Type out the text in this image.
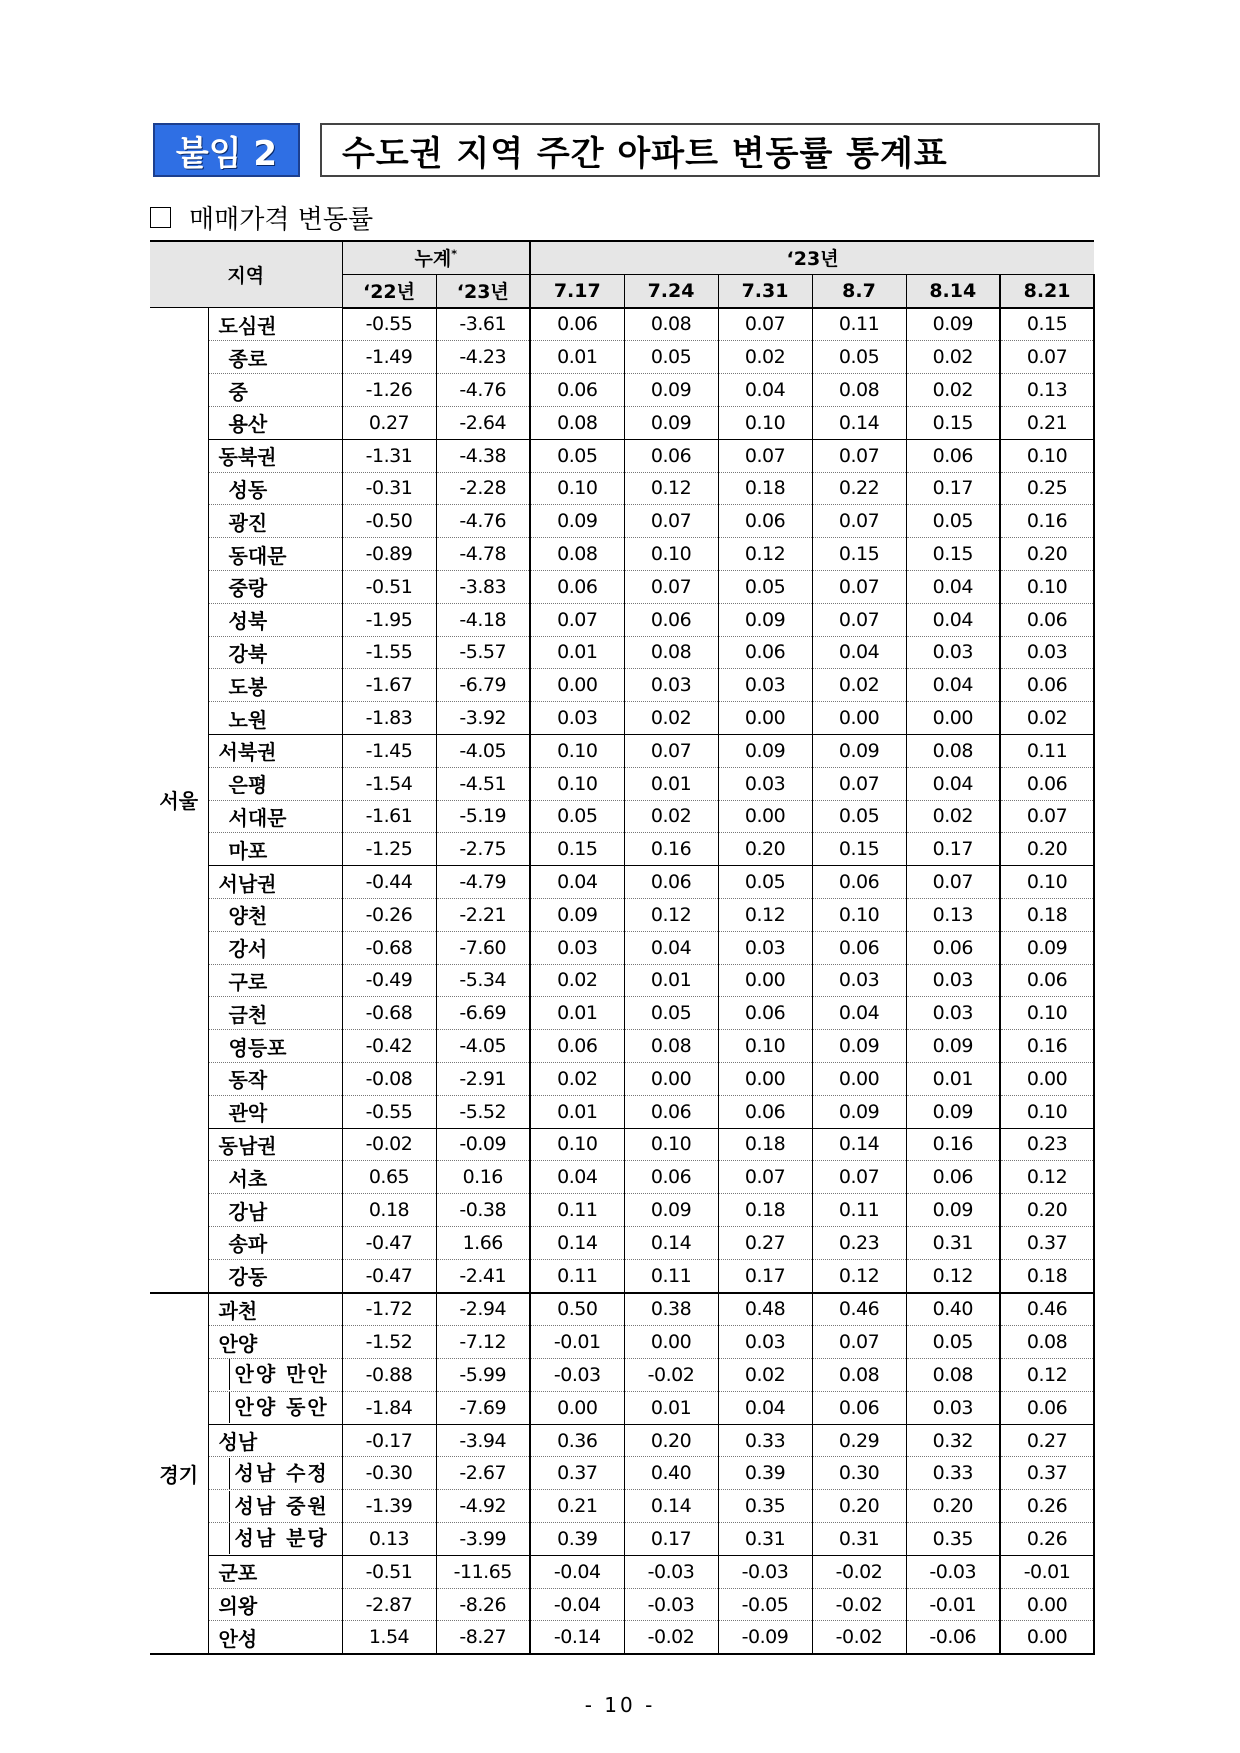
붙임 2	수도권 지역 주간 아파트 변동률 통계표
매매가격 변동률
지역		누계*		‘23년					
		‘22년	‘23년	7.17	7.24	7.31	8.7	8.14	8.21
서울	도심권	-0.55	-3.61	0.06	0.08	0.07	0.11	0.09	0.15
	종로	-1.49	-4.23	0.01	0.05	0.02	0.05	0.02	0.07
	중	-1.26	-4.76	0.06	0.09	0.04	0.08	0.02	0.13
	용산	0.27	-2.64	0.08	0.09	0.10	0.14	0.15	0.21
	동북권	-1.31	-4.38	0.05	0.06	0.07	0.07	0.06	0.10
	성동	-0.31	-2.28	0.10	0.12	0.18	0.22	0.17	0.25
	광진	-0.50	-4.76	0.09	0.07	0.06	0.07	0.05	0.16
	동대문	-0.89	-4.78	0.08	0.10	0.12	0.15	0.15	0.20
	중랑	-0.51	-3.83	0.06	0.07	0.05	0.07	0.04	0.10
	성북	-1.95	-4.18	0.07	0.06	0.09	0.07	0.04	0.06
	강북	-1.55	-5.57	0.01	0.08	0.06	0.04	0.03	0.03
	도봉	-1.67	-6.79	0.00	0.03	0.03	0.02	0.04	0.06
	노원	-1.83	-3.92	0.03	0.02	0.00	0.00	0.00	0.02
	서북권	-1.45	-4.05	0.10	0.07	0.09	0.09	0.08	0.11
	은평	-1.54	-4.51	0.10	0.01	0.03	0.07	0.04	0.06
	서대문	-1.61	-5.19	0.05	0.02	0.00	0.05	0.02	0.07
	마포	-1.25	-2.75	0.15	0.16	0.20	0.15	0.17	0.20
	서남권	-0.44	-4.79	0.04	0.06	0.05	0.06	0.07	0.10
	양천	-0.26	-2.21	0.09	0.12	0.12	0.10	0.13	0.18
	강서	-0.68	-7.60	0.03	0.04	0.03	0.06	0.06	0.09
	구로	-0.49	-5.34	0.02	0.01	0.00	0.03	0.03	0.06
	금천	-0.68	-6.69	0.01	0.05	0.06	0.04	0.03	0.10
	영등포	-0.42	-4.05	0.06	0.08	0.10	0.09	0.09	0.16
	동작	-0.08	-2.91	0.02	0.00	0.00	0.00	0.01	0.00
	관악	-0.55	-5.52	0.01	0.06	0.06	0.09	0.09	0.10
	동남권	-0.02	-0.09	0.10	0.10	0.18	0.14	0.16	0.23
	서초	0.65	0.16	0.04	0.06	0.07	0.07	0.06	0.12
	강남	0.18	-0.38	0.11	0.09	0.18	0.11	0.09	0.20
	송파	-0.47	1.66	0.14	0.14	0.27	0.23	0.31	0.37
	강동	-0.47	-2.41	0.11	0.11	0.17	0.12	0.12	0.18
경기	과천	-1.72	-2.94	0.50	0.38	0.48	0.46	0.40	0.46
	안양	-1.52	-7.12	-0.01	0.00	0.03	0.07	0.05	0.08
	안양 만안	-0.88	-5.99	-0.03	-0.02	0.02	0.08	0.08	0.12
	안양 동안	-1.84	-7.69	0.00	0.01	0.04	0.06	0.03	0.06
	성남	-0.17	-3.94	0.36	0.20	0.33	0.29	0.32	0.27
	성남 수정	-0.30	-2.67	0.37	0.40	0.39	0.30	0.33	0.37
	성남 중원	-1.39	-4.92	0.21	0.14	0.35	0.20	0.20	0.26
	성남 분당	0.13	-3.99	0.39	0.17	0.31	0.31	0.35	0.26
	군포	-0.51	-11.65	-0.04	-0.03	-0.03	-0.02	-0.03	-0.01
	의왕	-2.87	-8.26	-0.04	-0.03	-0.05	-0.02	-0.01	0.00
	안성	1.54	-8.27	-0.14	-0.02	-0.09	-0.02	-0.06	0.00
- 10 -
